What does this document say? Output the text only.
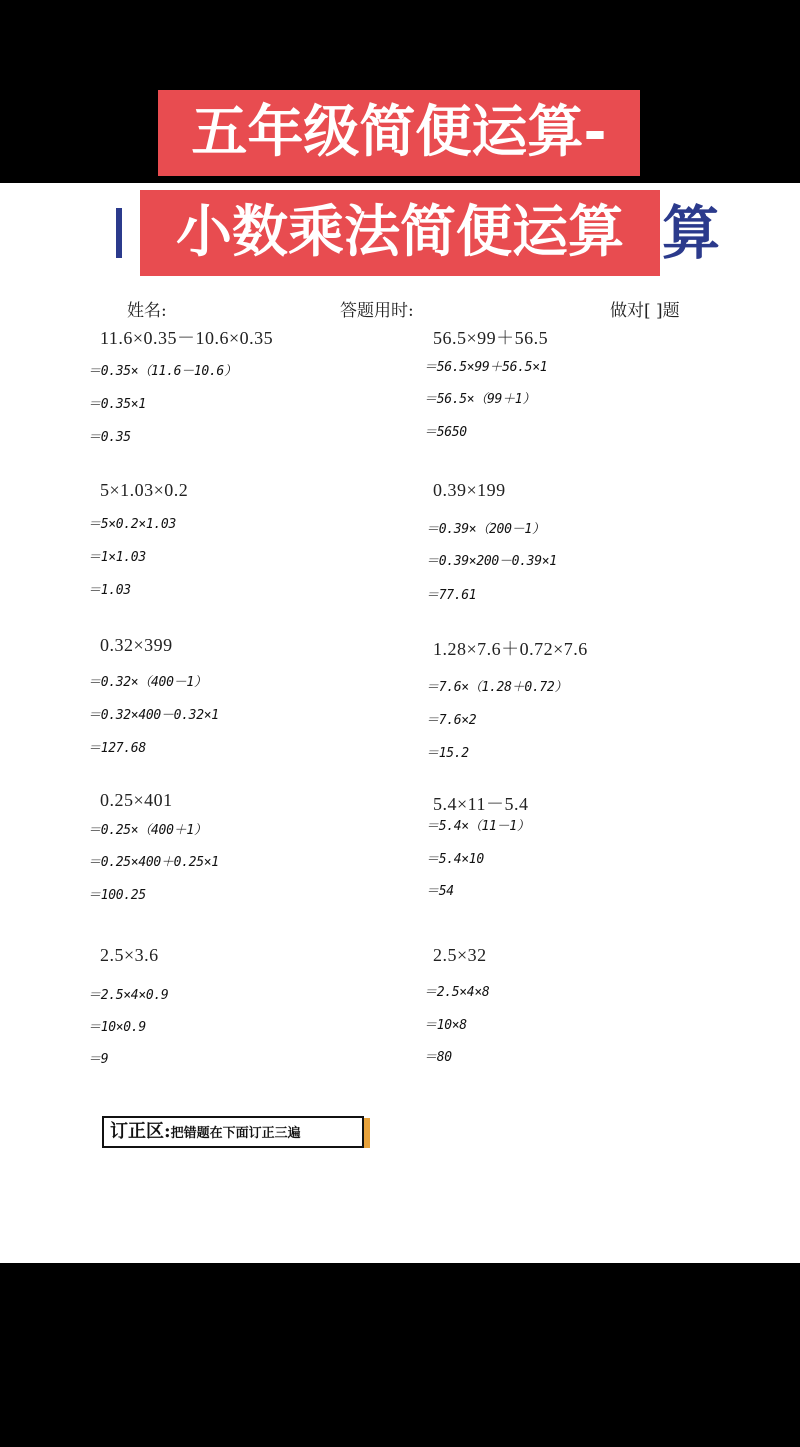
算
五年级简便运算-
小数乘法简便运算
姓名:	答题用时:	做对[ ]题
11.6×0.35－10.6×0.35
＝0.35×（11.6－10.6）
＝0.35×1
＝0.35
56.5×99＋56.5
＝56.5×99＋56.5×1
＝56.5×（99＋1）
＝5650
5×1.03×0.2
＝5×0.2×1.03
＝1×1.03
＝1.03
0.39×199
＝0.39×（200－1）
＝0.39×200－0.39×1
＝77.61
0.32×399
＝0.32×（400－1）
＝0.32×400－0.32×1
＝127.68
1.28×7.6＋0.72×7.6
＝7.6×（1.28＋0.72）
＝7.6×2
＝15.2
0.25×401
＝0.25×（400＋1）
＝0.25×400＋0.25×1
＝100.25
5.4×11－5.4
＝5.4×（11－1）
＝5.4×10
＝54
2.5×3.6
＝2.5×4×0.9
＝10×0.9
＝9
2.5×32
＝2.5×4×8
＝10×8
＝80
订正区:把错题在下面订正三遍
